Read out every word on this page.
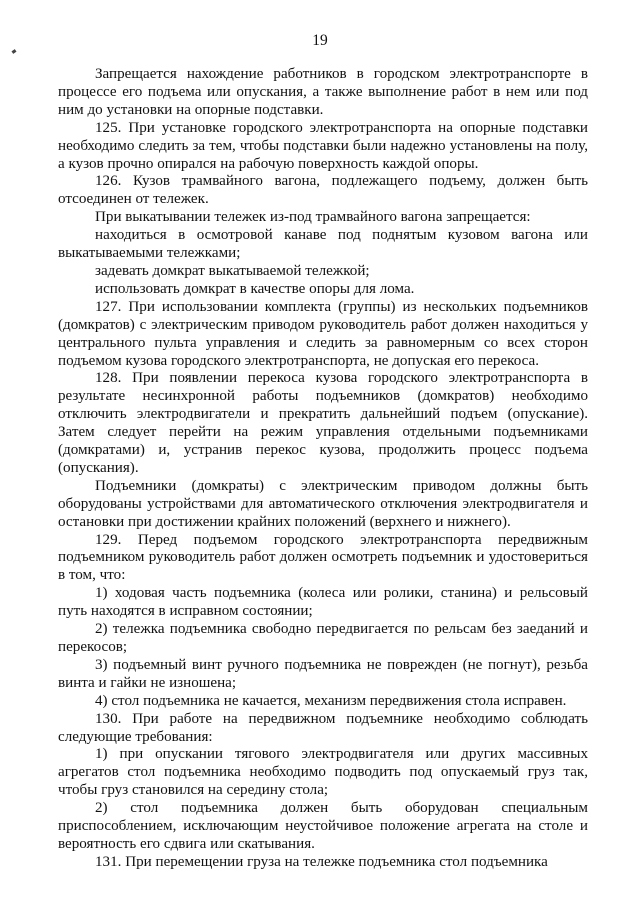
19

Запрещается нахождение работников в городском электротранспорте в процессе его подъема или опускания, а также выполнение работ в нем или под ним до установки на опорные подставки.

125. При установке городского электротранспорта на опорные подставки необходимо следить за тем, чтобы подставки были надежно установлены на полу, а кузов прочно опирался на рабочую поверхность каждой опоры.

126. Кузов трамвайного вагона, подлежащего подъему, должен быть отсоединен от тележек.

При выкатывании тележек из-под трамвайного вагона запрещается:

находиться в осмотровой канаве под поднятым кузовом вагона или выкатываемыми тележками;

задевать домкрат выкатываемой тележкой;

использовать домкрат в качестве опоры для лома.

127. При использовании комплекта (группы) из нескольких подъемников (домкратов) с электрическим приводом руководитель работ должен находиться у центрального пульта управления и следить за равномерным со всех сторон подъемом кузова городского электротранспорта, не допуская его перекоса.

128. При появлении перекоса кузова городского электротранспорта в результате несинхронной работы подъемников (домкратов) необходимо отключить электродвигатели и прекратить дальнейший подъем (опускание). Затем следует перейти на режим управления отдельными подъемниками (домкратами) и, устранив перекос кузова, продолжить процесс подъема (опускания).

Подъемники (домкраты) с электрическим приводом должны быть оборудованы устройствами для автоматического отключения электродвигателя и остановки при достижении крайних положений (верхнего и нижнего).

129. Перед подъемом городского электротранспорта передвижным подъемником руководитель работ должен осмотреть подъемник и удостовериться в том, что:

1) ходовая часть подъемника (колеса или ролики, станина) и рельсовый путь находятся в исправном состоянии;

2) тележка подъемника свободно передвигается по рельсам без заеданий и перекосов;

3) подъемный винт ручного подъемника не поврежден (не погнут), резьба винта и гайки не изношена;

4) стол подъемника не качается, механизм передвижения стола исправен.

130. При работе на передвижном подъемнике необходимо соблюдать следующие требования:

1) при опускании тягового электродвигателя или других массивных агрегатов стол подъемника необходимо подводить под опускаемый груз так, чтобы груз становился на середину стола;

2) стол подъемника должен быть оборудован специальным приспособлением, исключающим неустойчивое положение агрегата на столе и вероятность его сдвига или скатывания.

131. При перемещении груза на тележке подъемника стол подъемника
